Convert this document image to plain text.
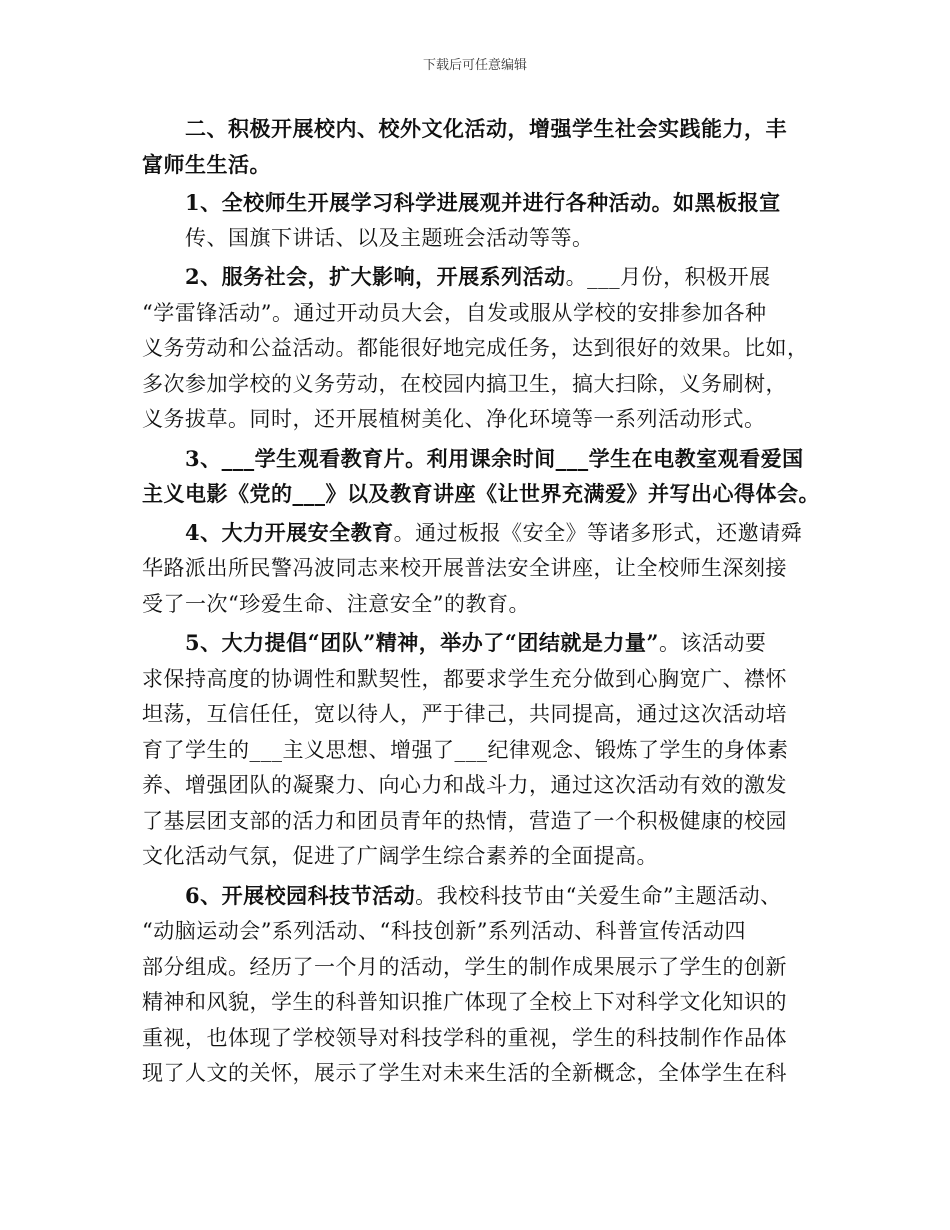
下载后可任意编辑
　　二、积极开展校内、校外文化活动，增强学生社会实践能力，丰
富师生生活。
　　1、全校师生开展学习科学进展观并进行各种活动。如黑板报宣
　　传、国旗下讲话、以及主题班会活动等等。
　　2、服务社会，扩大影响，开展系列活动。___月份，积极开展
“学雷锋活动”。通过开动员大会，自发或服从学校的安排参加各种
义务劳动和公益活动。都能很好地完成任务，达到很好的效果。比如，
多次参加学校的义务劳动，在校园内搞卫生，搞大扫除，义务刷树，
义务拔草。同时，还开展植树美化、净化环境等一系列活动形式。
　　3、___学生观看教育片。利用课余时间___学生在电教室观看爱国
主义电影《党的___》以及教育讲座《让世界充满爱》并写出心得体会。
　　4、大力开展安全教育。通过板报《安全》等诸多形式，还邀请舜
华路派出所民警冯波同志来校开展普法安全讲座，让全校师生深刻接
受了一次“珍爱生命、注意安全”的教育。
　　5、大力提倡“团队”精神，举办了“团结就是力量”。该活动要
求保持高度的协调性和默契性，都要求学生充分做到心胸宽广、襟怀
坦荡，互信任任，宽以待人，严于律己，共同提高，通过这次活动培
育了学生的___主义思想、增强了___纪律观念、锻炼了学生的身体素
养、增强团队的凝聚力、向心力和战斗力，通过这次活动有效的激发
了基层团支部的活力和团员青年的热情，营造了一个积极健康的校园
文化活动气氛，促进了广阔学生综合素养的全面提高。
　　6、开展校园科技节活动。我校科技节由“关爱生命”主题活动、
“动脑运动会”系列活动、“科技创新”系列活动、科普宣传活动四
部分组成。经历了一个月的活动，学生的制作成果展示了学生的创新
精神和风貌，学生的科普知识推广体现了全校上下对科学文化知识的
重视，也体现了学校领导对科技学科的重视，学生的科技制作作品体
现了人文的关怀，展示了学生对未来生活的全新概念，全体学生在科
